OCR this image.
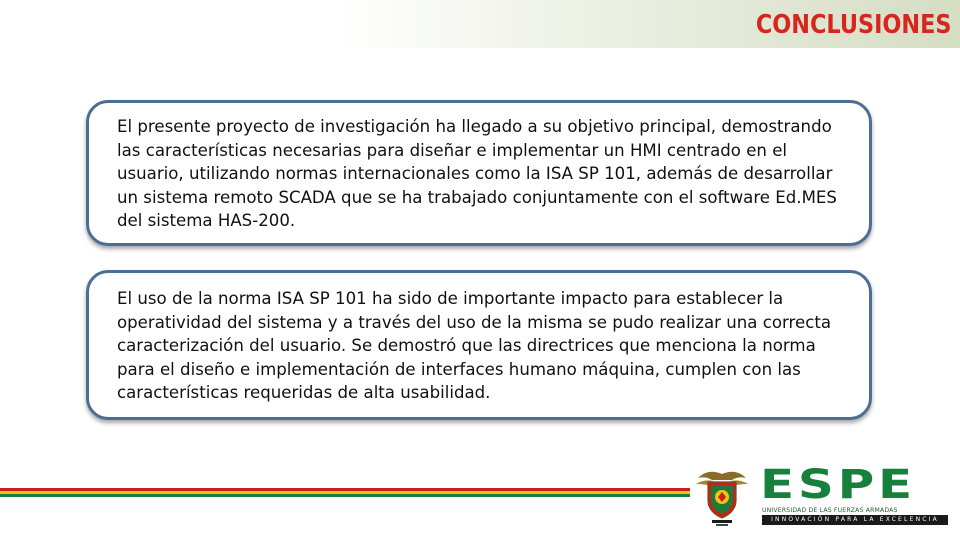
CONCLUSIONES
El presente proyecto de investigación ha llegado a su objetivo principal, demostrando las características necesarias para diseñar e implementar un HMI centrado en el usuario, utilizando normas internacionales como la ISA SP 101, además de desarrollar un sistema remoto SCADA que se ha trabajado conjuntamente con el software Ed.MES del sistema HAS-200.
El uso de la norma ISA SP 101 ha sido de importante impacto para establecer la operatividad del sistema y a través del uso de la misma se pudo realizar una correcta caracterización del usuario. Se demostró que las directrices que menciona la norma para el diseño e implementación de interfaces humano máquina, cumplen con las características requeridas de alta usabilidad.
ESPE
UNIVERSIDAD DE LAS FUERZAS ARMADAS
INNOVACIÓN PARA LA EXCELENCIA
